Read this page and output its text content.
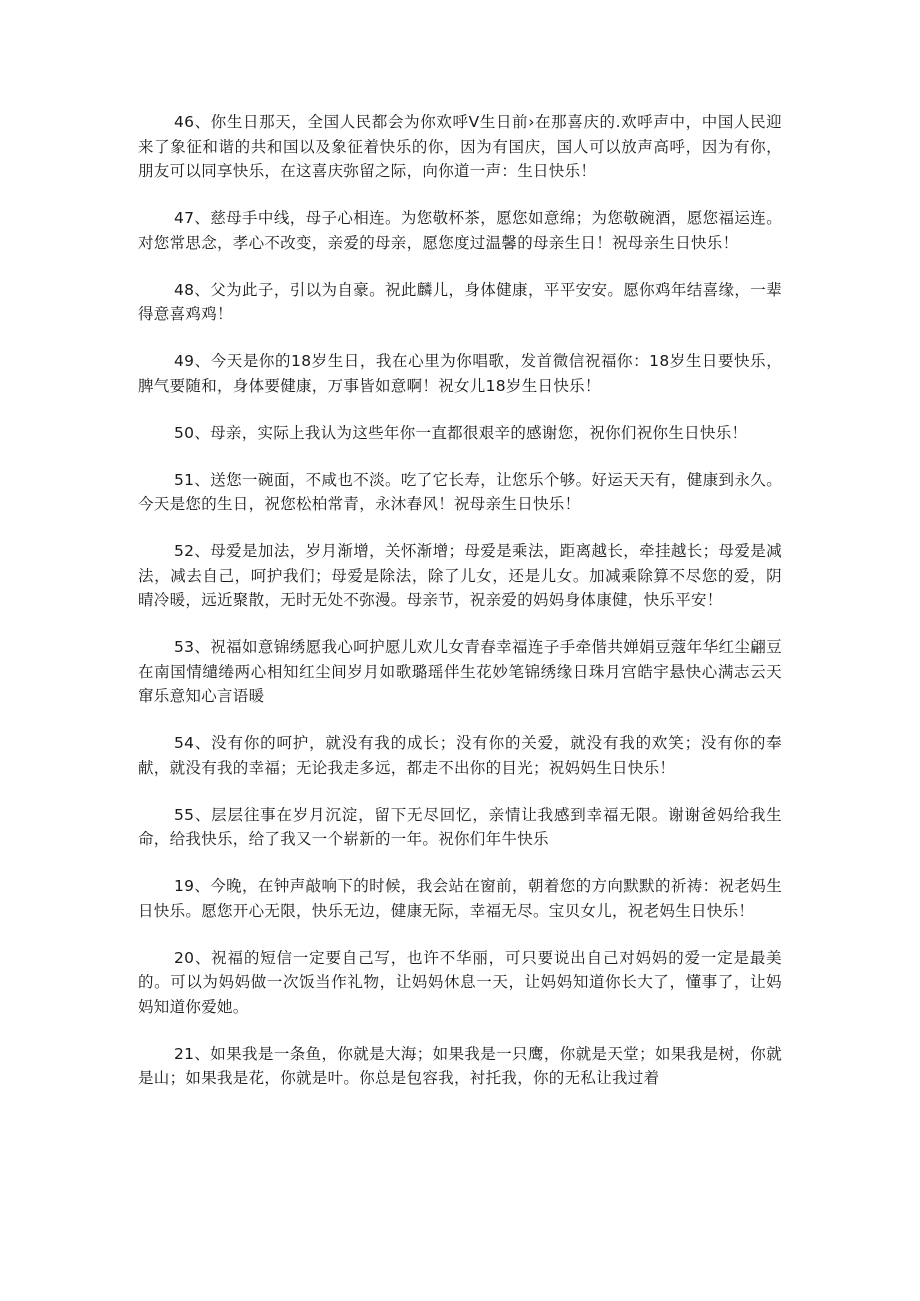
46、你生日那天，全国人民都会为你欢呼Ⅴ生日前›在那喜庆的.欢呼声中，中国人民迎来了象征和谐的共和国以及象征着快乐的你，因为有国庆，国人可以放声高呼，因为有你，朋友可以同享快乐，在这喜庆弥留之际，向你道一声：生日快乐！

47、慈母手中线，母子心相连。为您敬杯茶，愿您如意绵；为您敬碗酒，愿您福运连。对您常思念，孝心不改变，亲爱的母亲，愿您度过温馨的母亲生日！祝母亲生日快乐！

48、父为此子，引以为自豪。祝此麟儿，身体健康，平平安安。愿你鸡年结喜缘，一辈得意喜鸡鸡！

49、今天是你的18岁生日，我在心里为你唱歌，发首微信祝福你：18岁生日要快乐，脾气要随和，身体要健康，万事皆如意啊！祝女儿18岁生日快乐！

50、母亲，实际上我认为这些年你一直都很艰辛的感谢您，祝你们祝你生日快乐！

51、送您一碗面，不咸也不淡。吃了它长寿，让您乐个够。好运天天有，健康到永久。今天是您的生日，祝您松柏常青，永沐春风！祝母亲生日快乐！

52、母爱是加法，岁月渐增，关怀渐增；母爱是乘法，距离越长，牵挂越长；母爱是减法，减去自己，呵护我们；母爱是除法，除了儿女，还是儿女。加减乘除算不尽您的爱，阴晴冷暖，远近聚散，无时无处不弥漫。母亲节，祝亲爱的妈妈身体康健，快乐平安！

53、祝福如意锦绣愿我心呵护愿儿欢儿女青春幸福连子手牵偕共婵娟豆蔻年华红尘翩豆在南国情缱绻两心相知红尘间岁月如歌璐瑶伴生花妙笔锦绣缘日珠月宫皓宇悬快心满志云天窜乐意知心言语暖

54、没有你的呵护，就没有我的成长；没有你的关爱，就没有我的欢笑；没有你的奉献，就没有我的幸福；无论我走多远，都走不出你的目光；祝妈妈生日快乐！

55、层层往事在岁月沉淀，留下无尽回忆，亲情让我感到幸福无限。谢谢爸妈给我生命，给我快乐，给了我又一个崭新的一年。祝你们年牛快乐

19、今晚，在钟声敲响下的时候，我会站在窗前，朝着您的方向默默的祈祷：祝老妈生日快乐。愿您开心无限，快乐无边，健康无际，幸福无尽。宝贝女儿，祝老妈生日快乐！

20、祝福的短信一定要自己写，也许不华丽，可只要说出自己对妈妈的爱一定是最美的。可以为妈妈做一次饭当作礼物，让妈妈休息一天，让妈妈知道你长大了，懂事了，让妈妈知道你爱她。

21、如果我是一条鱼，你就是大海；如果我是一只鹰，你就是天堂；如果我是树，你就是山；如果我是花，你就是叶。你总是包容我，衬托我，你的无私让我过着
